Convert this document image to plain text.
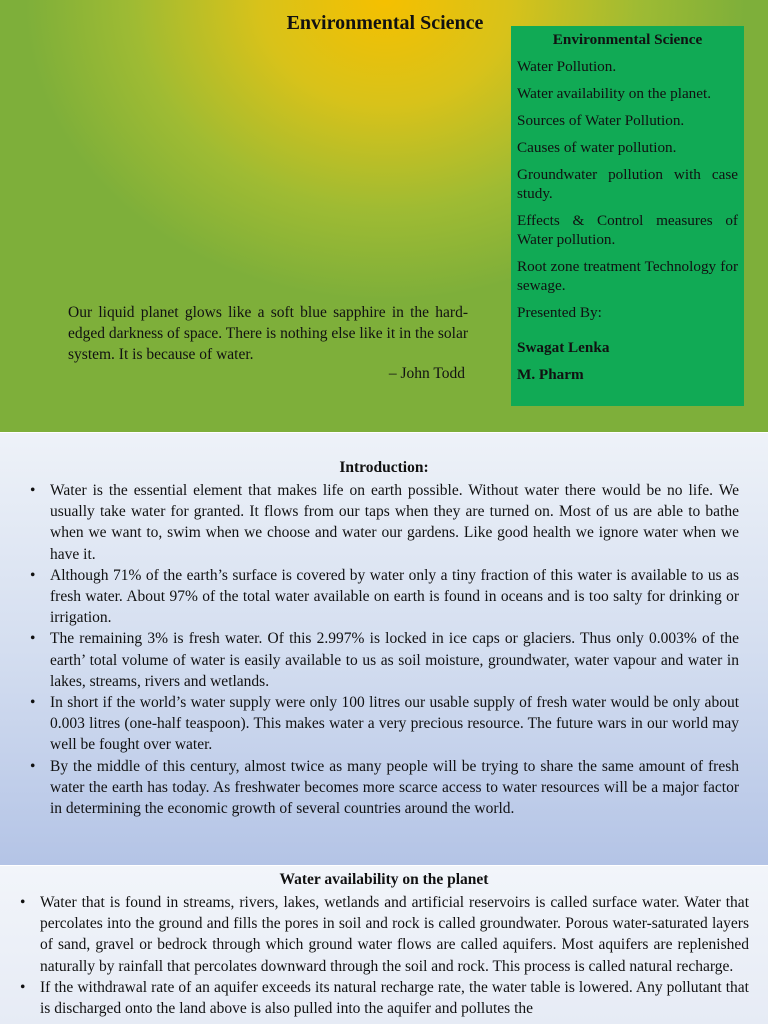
Environmental Science
Our liquid planet glows like a soft blue sapphire in the hard-edged darkness of space. There is nothing else like it in the solar system. It is because of water.
– John Todd
Environmental Science
Water Pollution.
Water availability on the planet.
Sources of Water Pollution.
Causes of water pollution.
Groundwater pollution with case study.
Effects & Control measures of Water pollution.
Root zone treatment Technology for sewage.
Presented By:
Swagat Lenka
M. Pharm
Introduction:
• Water is the essential element that makes life on earth possible. Without water there would be no life. We usually take water for granted. It flows from our taps when they are turned on. Most of us are able to bathe when we want to, swim when we choose and water our gardens. Like good health we ignore water when we have it.
• Although 71% of the earth’s surface is covered by water only a tiny fraction of this water is available to us as fresh water. About 97% of the total water available on earth is found in oceans and is too salty for drinking or irrigation.
• The remaining 3% is fresh water. Of this 2.997% is locked in ice caps or glaciers. Thus only 0.003% of the earth’ total volume of water is easily available to us as soil moisture, groundwater, water vapour and water in lakes, streams, rivers and wetlands.
• In short if the world’s water supply were only 100 litres our usable supply of fresh water would be only about 0.003 litres (one-half teaspoon). This makes water a very precious resource. The future wars in our world may well be fought over water.
• By the middle of this century, almost twice as many people will be trying to share the same amount of fresh water the earth has today. As freshwater becomes more scarce access to water resources will be a major factor in determining the economic growth of several countries around the world.
Water availability on the planet
• Water that is found in streams, rivers, lakes, wetlands and artificial reservoirs is called surface water. Water that percolates into the ground and fills the pores in soil and rock is called groundwater. Porous water-saturated layers of sand, gravel or bedrock through which ground water flows are called aquifers. Most aquifers are replenished naturally by rainfall that percolates downward through the soil and rock. This process is called natural recharge.
• If the withdrawal rate of an aquifer exceeds its natural recharge rate, the water table is lowered. Any pollutant that is discharged onto the land above is also pulled into the aquifer and pollutes the
